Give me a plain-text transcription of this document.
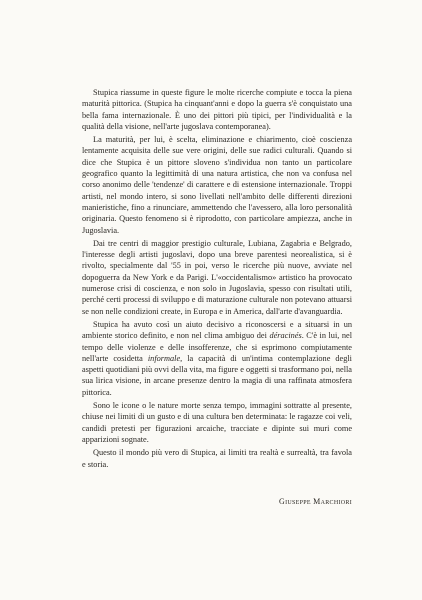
Stupica riassume in queste figure le molte ricerche compiute e tocca la piena maturità pittorica. (Stupica ha cinquant'anni e dopo la guerra s'è conquistato una bella fama internazionale. È uno dei pittori più tipici, per l'individualità e la qualità della visione, nell'arte jugoslava contemporanea).

La maturità, per lui, è scelta, eliminazione e chiarimento, cioè coscienza lentamente acquisita delle sue vere origini, delle sue radici culturali. Quando si dice che Stupica è un pittore sloveno s'individua non tanto un particolare geografico quanto la legittimità di una natura artistica, che non va confusa nel corso anonimo delle 'tendenze' di carattere e di estensione internazionale. Troppi artisti, nel mondo intero, si sono livellati nell'ambito delle differenti direzioni manieristiche, fino a rinunciare, ammettendo che l'avessero, alla loro personalità originaria. Questo fenomeno si è riprodotto, con particolare ampiezza, anche in Jugoslavia.

Dai tre centri di maggior prestigio culturale, Lubiana, Zagabria e Belgrado, l'interesse degli artisti jugoslavi, dopo una breve parentesi neorealistica, si è rivolto, specialmente dal '55 in poi, verso le ricerche più nuove, avviate nel dopoguerra da New York e da Parigi. L'«occidentalismo» artistico ha provocato numerose crisi di coscienza, e non solo in Jugoslavia, spesso con risultati utili, perché certi processi di sviluppo e di maturazione culturale non potevano attuarsi se non nelle condizioni create, in Europa e in America, dall'arte d'avanguardia.

Stupica ha avuto così un aiuto decisivo a riconoscersi e a situarsi in un ambiente storico definito, e non nel clima ambiguo dei déracinés. C'è in lui, nel tempo delle violenze e delle insofferenze, che si esprimono compiutamente nell'arte cosidetta informale, la capacità di un'intima contemplazione degli aspetti quotidiani più ovvi della vita, ma figure e oggetti si trasformano poi, nella sua lirica visione, in arcane presenze dentro la magia di una raffinata atmosfera pittorica.

Sono le icone o le nature morte senza tempo, immagini sottratte al presente, chiuse nei limiti di un gusto e di una cultura ben determinata: le ragazze coi veli, candidi pretesti per figurazioni arcaiche, tracciate e dipinte sui muri come apparizioni sognate.

Questo il mondo più vero di Stupica, ai limiti tra realtà e surrealtà, tra favola e storia.

Giuseppe Marchiori
